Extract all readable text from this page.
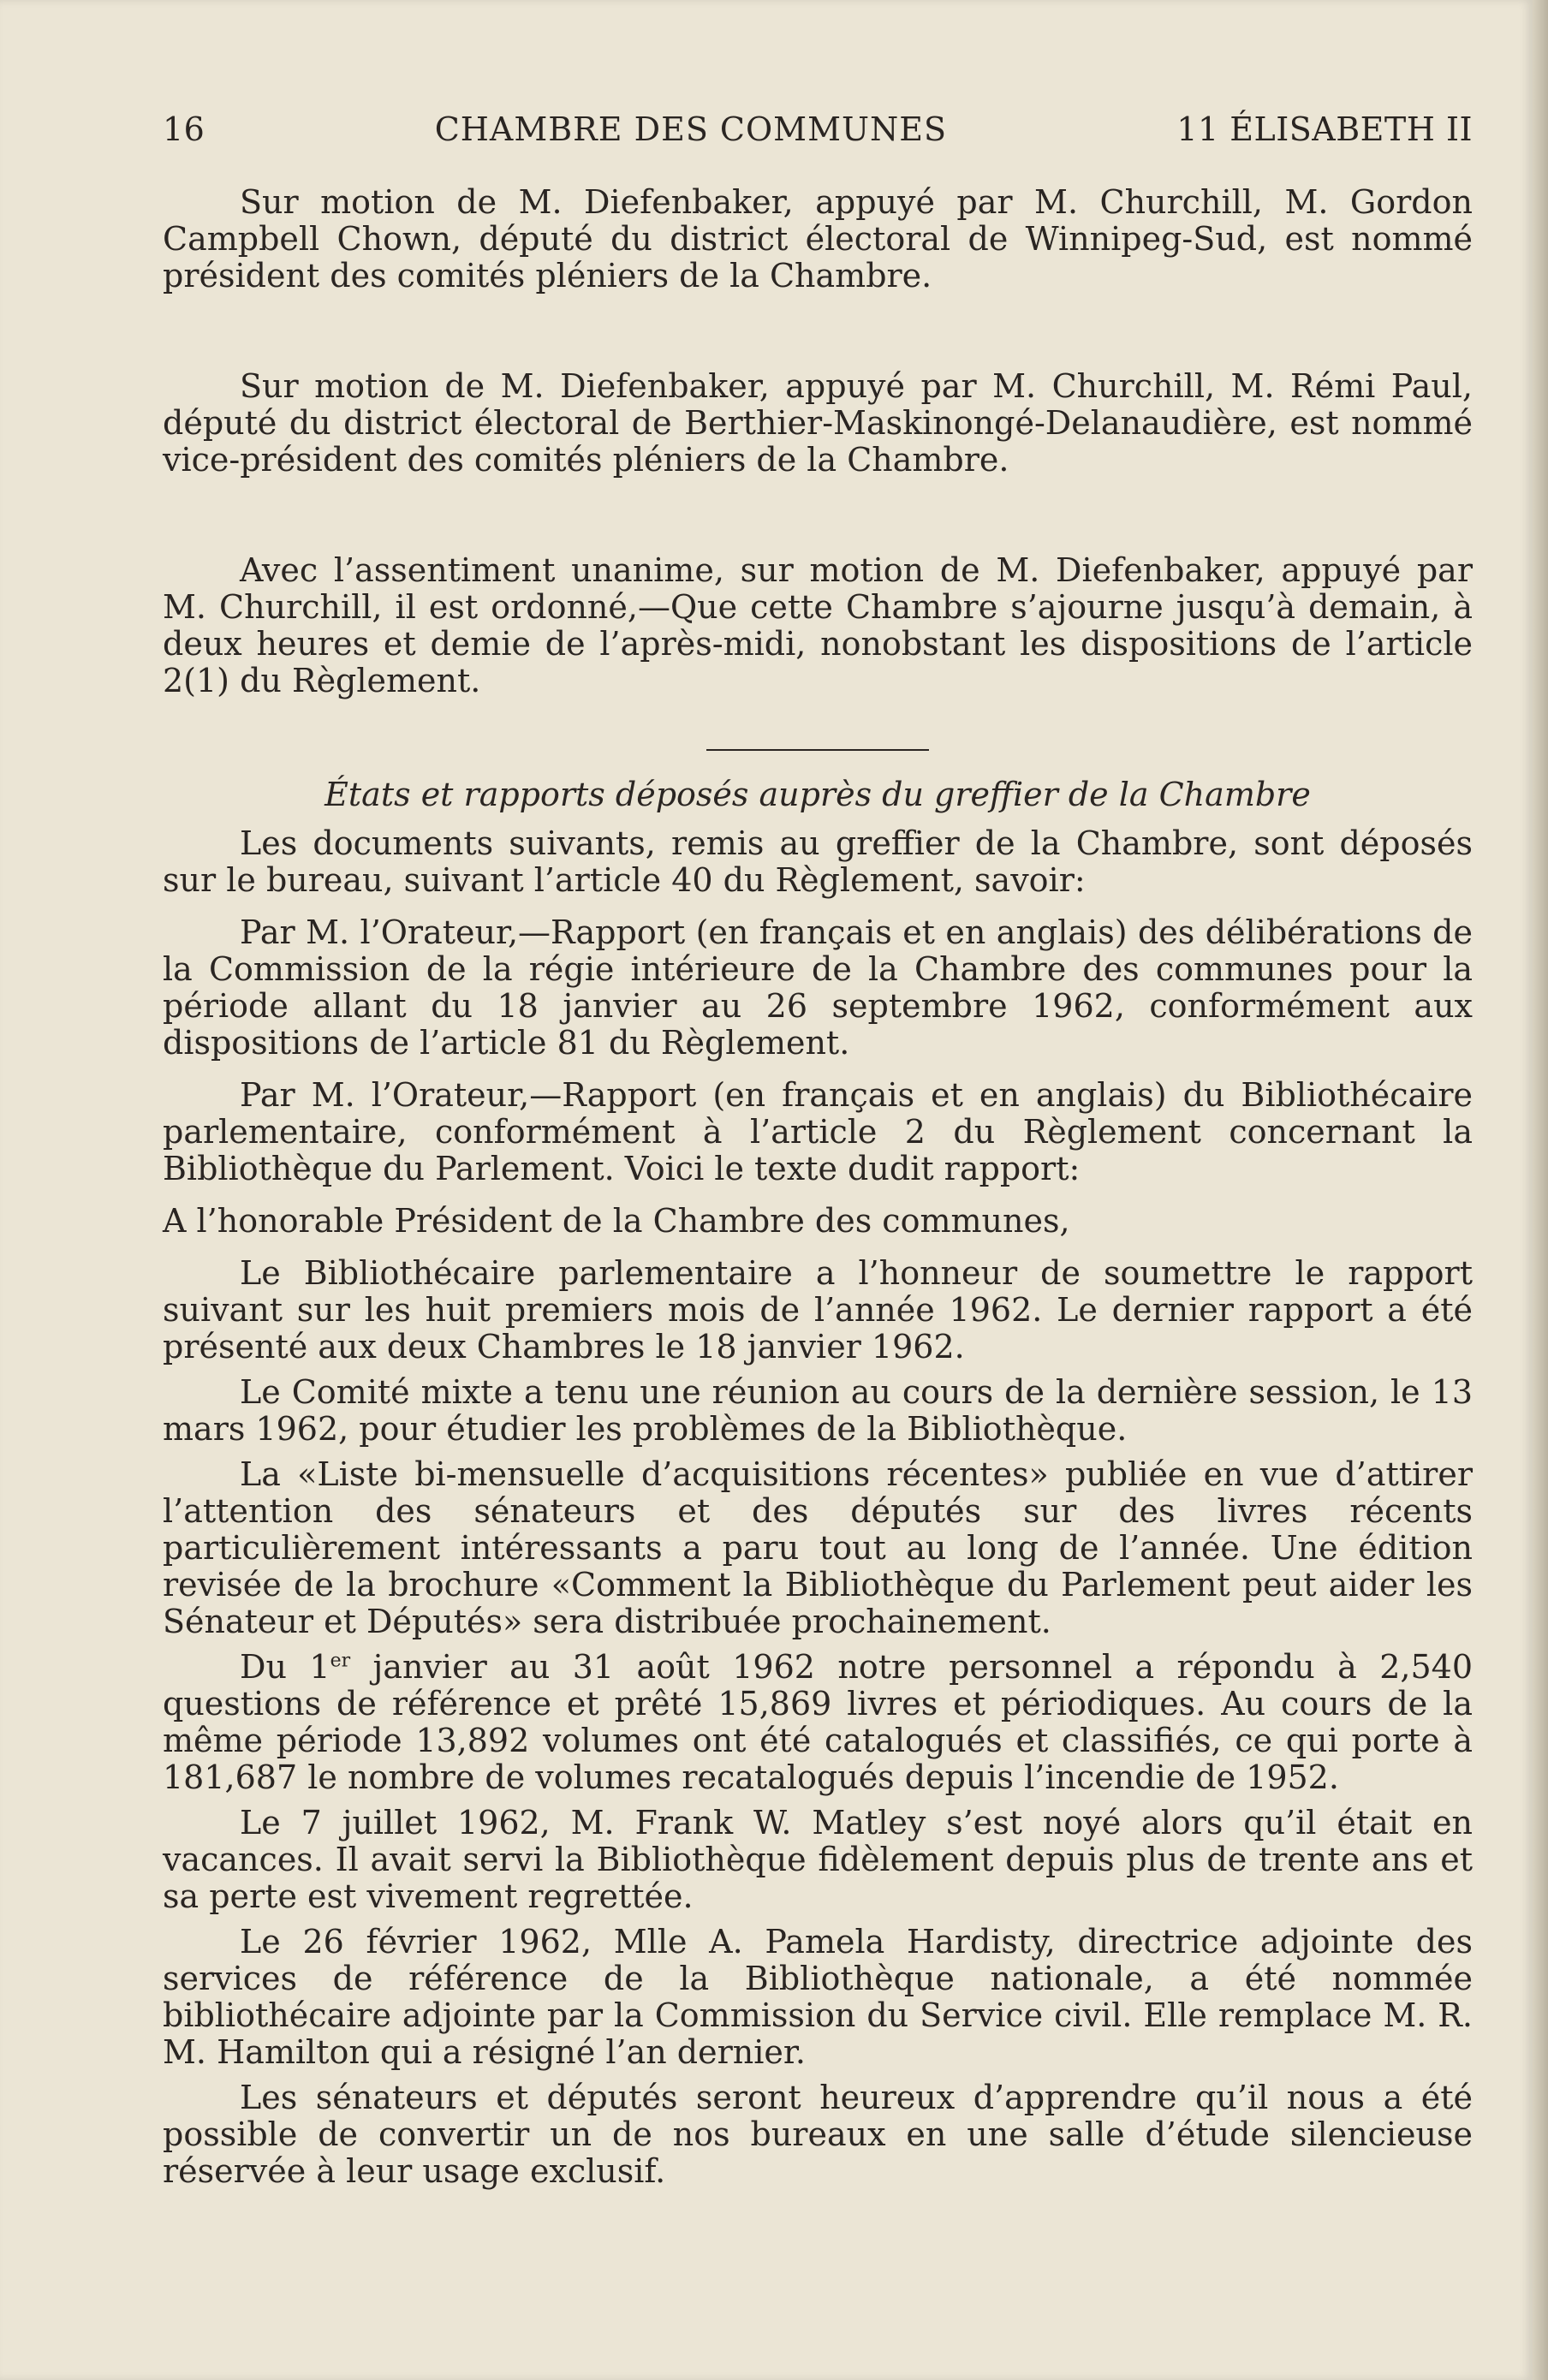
16	CHAMBRE DES COMMUNES	11 ÉLISABETH II

Sur motion de M. Diefenbaker, appuyé par M. Churchill, M. Gordon Campbell Chown, député du district électoral de Winnipeg-Sud, est nommé président des comités pléniers de la Chambre.

Sur motion de M. Diefenbaker, appuyé par M. Churchill, M. Rémi Paul, député du district électoral de Berthier-Maskinongé-Delanaudière, est nommé vice-président des comités pléniers de la Chambre.

Avec l’assentiment unanime, sur motion de M. Diefenbaker, appuyé par M. Churchill, il est ordonné,—Que cette Chambre s’ajourne jusqu’à demain, à deux heures et demie de l’après-midi, nonobstant les dispositions de l’article 2(1) du Règlement.

États et rapports déposés auprès du greffier de la Chambre

Les documents suivants, remis au greffier de la Chambre, sont déposés sur le bureau, suivant l’article 40 du Règlement, savoir:

Par M. l’Orateur,—Rapport (en français et en anglais) des délibérations de la Commission de la régie intérieure de la Chambre des communes pour la période allant du 18 janvier au 26 septembre 1962, conformément aux dispositions de l’article 81 du Règlement.

Par M. l’Orateur,—Rapport (en français et en anglais) du Bibliothécaire parlementaire, conformément à l’article 2 du Règlement concernant la Bibliothèque du Parlement. Voici le texte dudit rapport:

A l’honorable Président de la Chambre des communes,

Le Bibliothécaire parlementaire a l’honneur de soumettre le rapport suivant sur les huit premiers mois de l’année 1962. Le dernier rapport a été présenté aux deux Chambres le 18 janvier 1962.

Le Comité mixte a tenu une réunion au cours de la dernière session, le 13 mars 1962, pour étudier les problèmes de la Bibliothèque.

La «Liste bi-mensuelle d’acquisitions récentes» publiée en vue d’attirer l’attention des sénateurs et des députés sur des livres récents particulièrement intéressants a paru tout au long de l’année. Une édition revisée de la brochure «Comment la Bibliothèque du Parlement peut aider les Sénateur et Députés» sera distribuée prochainement.

Du 1er janvier au 31 août 1962 notre personnel a répondu à 2,540 questions de référence et prêté 15,869 livres et périodiques. Au cours de la même période 13,892 volumes ont été catalogués et classifiés, ce qui porte à 181,687 le nombre de volumes recatalogués depuis l’incendie de 1952.

Le 7 juillet 1962, M. Frank W. Matley s’est noyé alors qu’il était en vacances. Il avait servi la Bibliothèque fidèlement depuis plus de trente ans et sa perte est vivement regrettée.

Le 26 février 1962, Mlle A. Pamela Hardisty, directrice adjointe des services de référence de la Bibliothèque nationale, a été nommée bibliothécaire adjointe par la Commission du Service civil. Elle remplace M. R. M. Hamilton qui a résigné l’an dernier.

Les sénateurs et députés seront heureux d’apprendre qu’il nous a été possible de convertir un de nos bureaux en une salle d’étude silencieuse réservée à leur usage exclusif.
